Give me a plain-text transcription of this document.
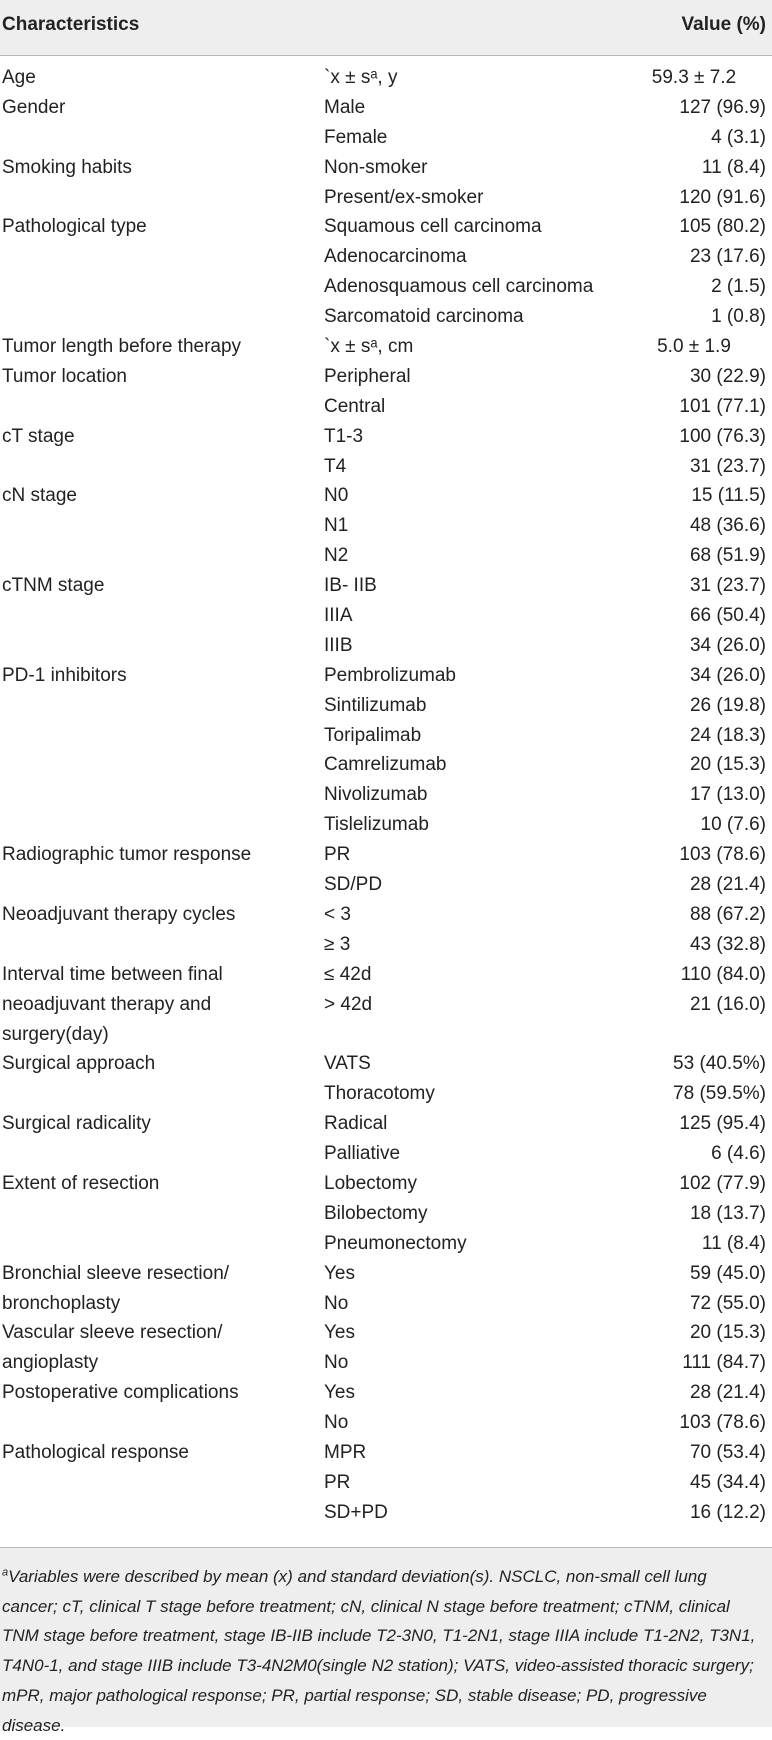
Characteristics	Value (%)
Age	`x ± sᵃ, y	59.3 ± 7.2
Gender	Male	127 (96.9)
Female	4 (3.1)
Smoking habits	Non-smoker	11 (8.4)
Present/ex-smoker	120 (91.6)
Pathological type	Squamous cell carcinoma	105 (80.2)
Adenocarcinoma	23 (17.6)
Adenosquamous cell carcinoma	2 (1.5)
Sarcomatoid carcinoma	1 (0.8)
Tumor length before therapy	`x ± sᵃ, cm	5.0 ± 1.9
Tumor location	Peripheral	30 (22.9)
Central	101 (77.1)
cT stage	T1-3	100 (76.3)
T4	31 (23.7)
cN stage	N0	15 (11.5)
N1	48 (36.6)
N2	68 (51.9)
cTNM stage	IB- IIB	31 (23.7)
IIIA	66 (50.4)
IIIB	34 (26.0)
PD-1 inhibitors	Pembrolizumab	34 (26.0)
Sintilizumab	26 (19.8)
Toripalimab	24 (18.3)
Camrelizumab	20 (15.3)
Nivolizumab	17 (13.0)
Tislelizumab	10 (7.6)
Radiographic tumor response	PR	103 (78.6)
SD/PD	28 (21.4)
Neoadjuvant therapy cycles	< 3	88 (67.2)
≥ 3	43 (32.8)
Interval time between final	≤ 42d	110 (84.0)
neoadjuvant therapy and	> 42d	21 (16.0)
surgery(day)
Surgical approach	VATS	53 (40.5%)
Thoracotomy	78 (59.5%)
Surgical radicality	Radical	125 (95.4)
Palliative	6 (4.6)
Extent of resection	Lobectomy	102 (77.9)
Bilobectomy	18 (13.7)
Pneumonectomy	11 (8.4)
Bronchial sleeve resection/	Yes	59 (45.0)
bronchoplasty	No	72 (55.0)
Vascular sleeve resection/	Yes	20 (15.3)
angioplasty	No	111 (84.7)
Postoperative complications	Yes	28 (21.4)
No	103 (78.6)
Pathological response	MPR	70 (53.4)
PR	45 (34.4)
SD+PD	16 (12.2)
$^a$Variables were described by mean (x) and standard deviation(s). NSCLC, non-small cell lung cancer; cT, clinical T stage before treatment; cN, clinical N stage before treatment; cTNM, clinical TNM stage before treatment, stage IB-IIB include T2-3N0, T1-2N1, stage IIIA include T1-2N2, T3N1, T4N0-1, and stage IIIB include T3-4N2M0(single N2 station); VATS, video-assisted thoracic surgery; mPR, major pathological response; PR, partial response; SD, stable disease; PD, progressive disease.
